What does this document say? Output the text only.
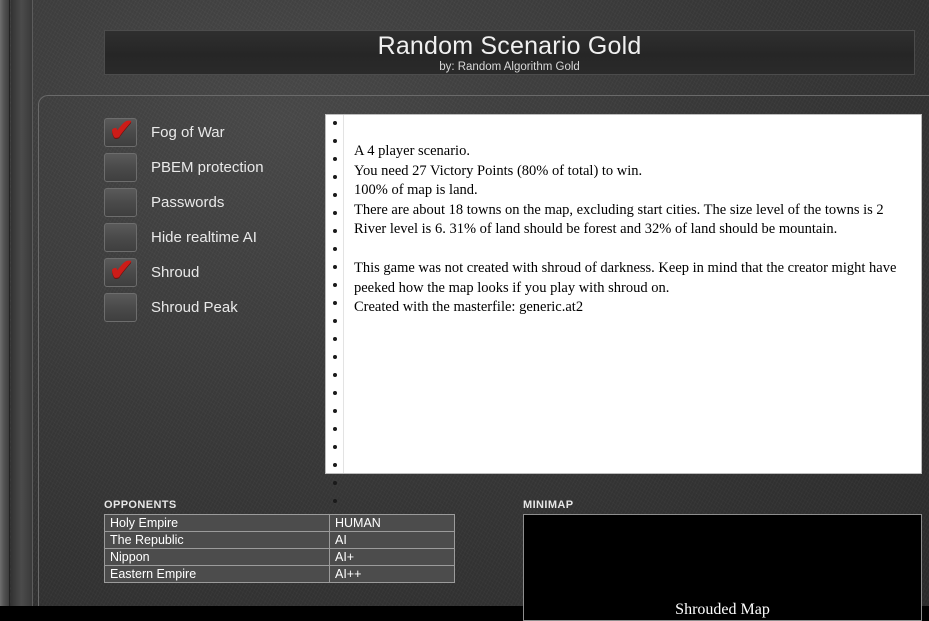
Random Scenario Gold
by: Random Algorithm Gold
✔ Fog of War
PBEM protection
Passwords
Hide realtime AI
✔ Shroud
Shroud Peak

A 4 player scenario.

You need 27 Victory Points (80% of total) to win.

100% of map is land.

There are about 18 towns on the map, excluding start cities. The size level of the towns is 2

River level is 6. 31% of land should be forest and 32% of land should be mountain.

This game was not created with shroud of darkness. Keep in mind that the creator might have

peeked how the map looks if you play with shroud on.

Created with the masterfile: generic.at2

OPPONENTS
Holy Empire	HUMAN
The Republic	AI
Nippon	AI+
Eastern Empire	AI++
MINIMAP
Shrouded Map
